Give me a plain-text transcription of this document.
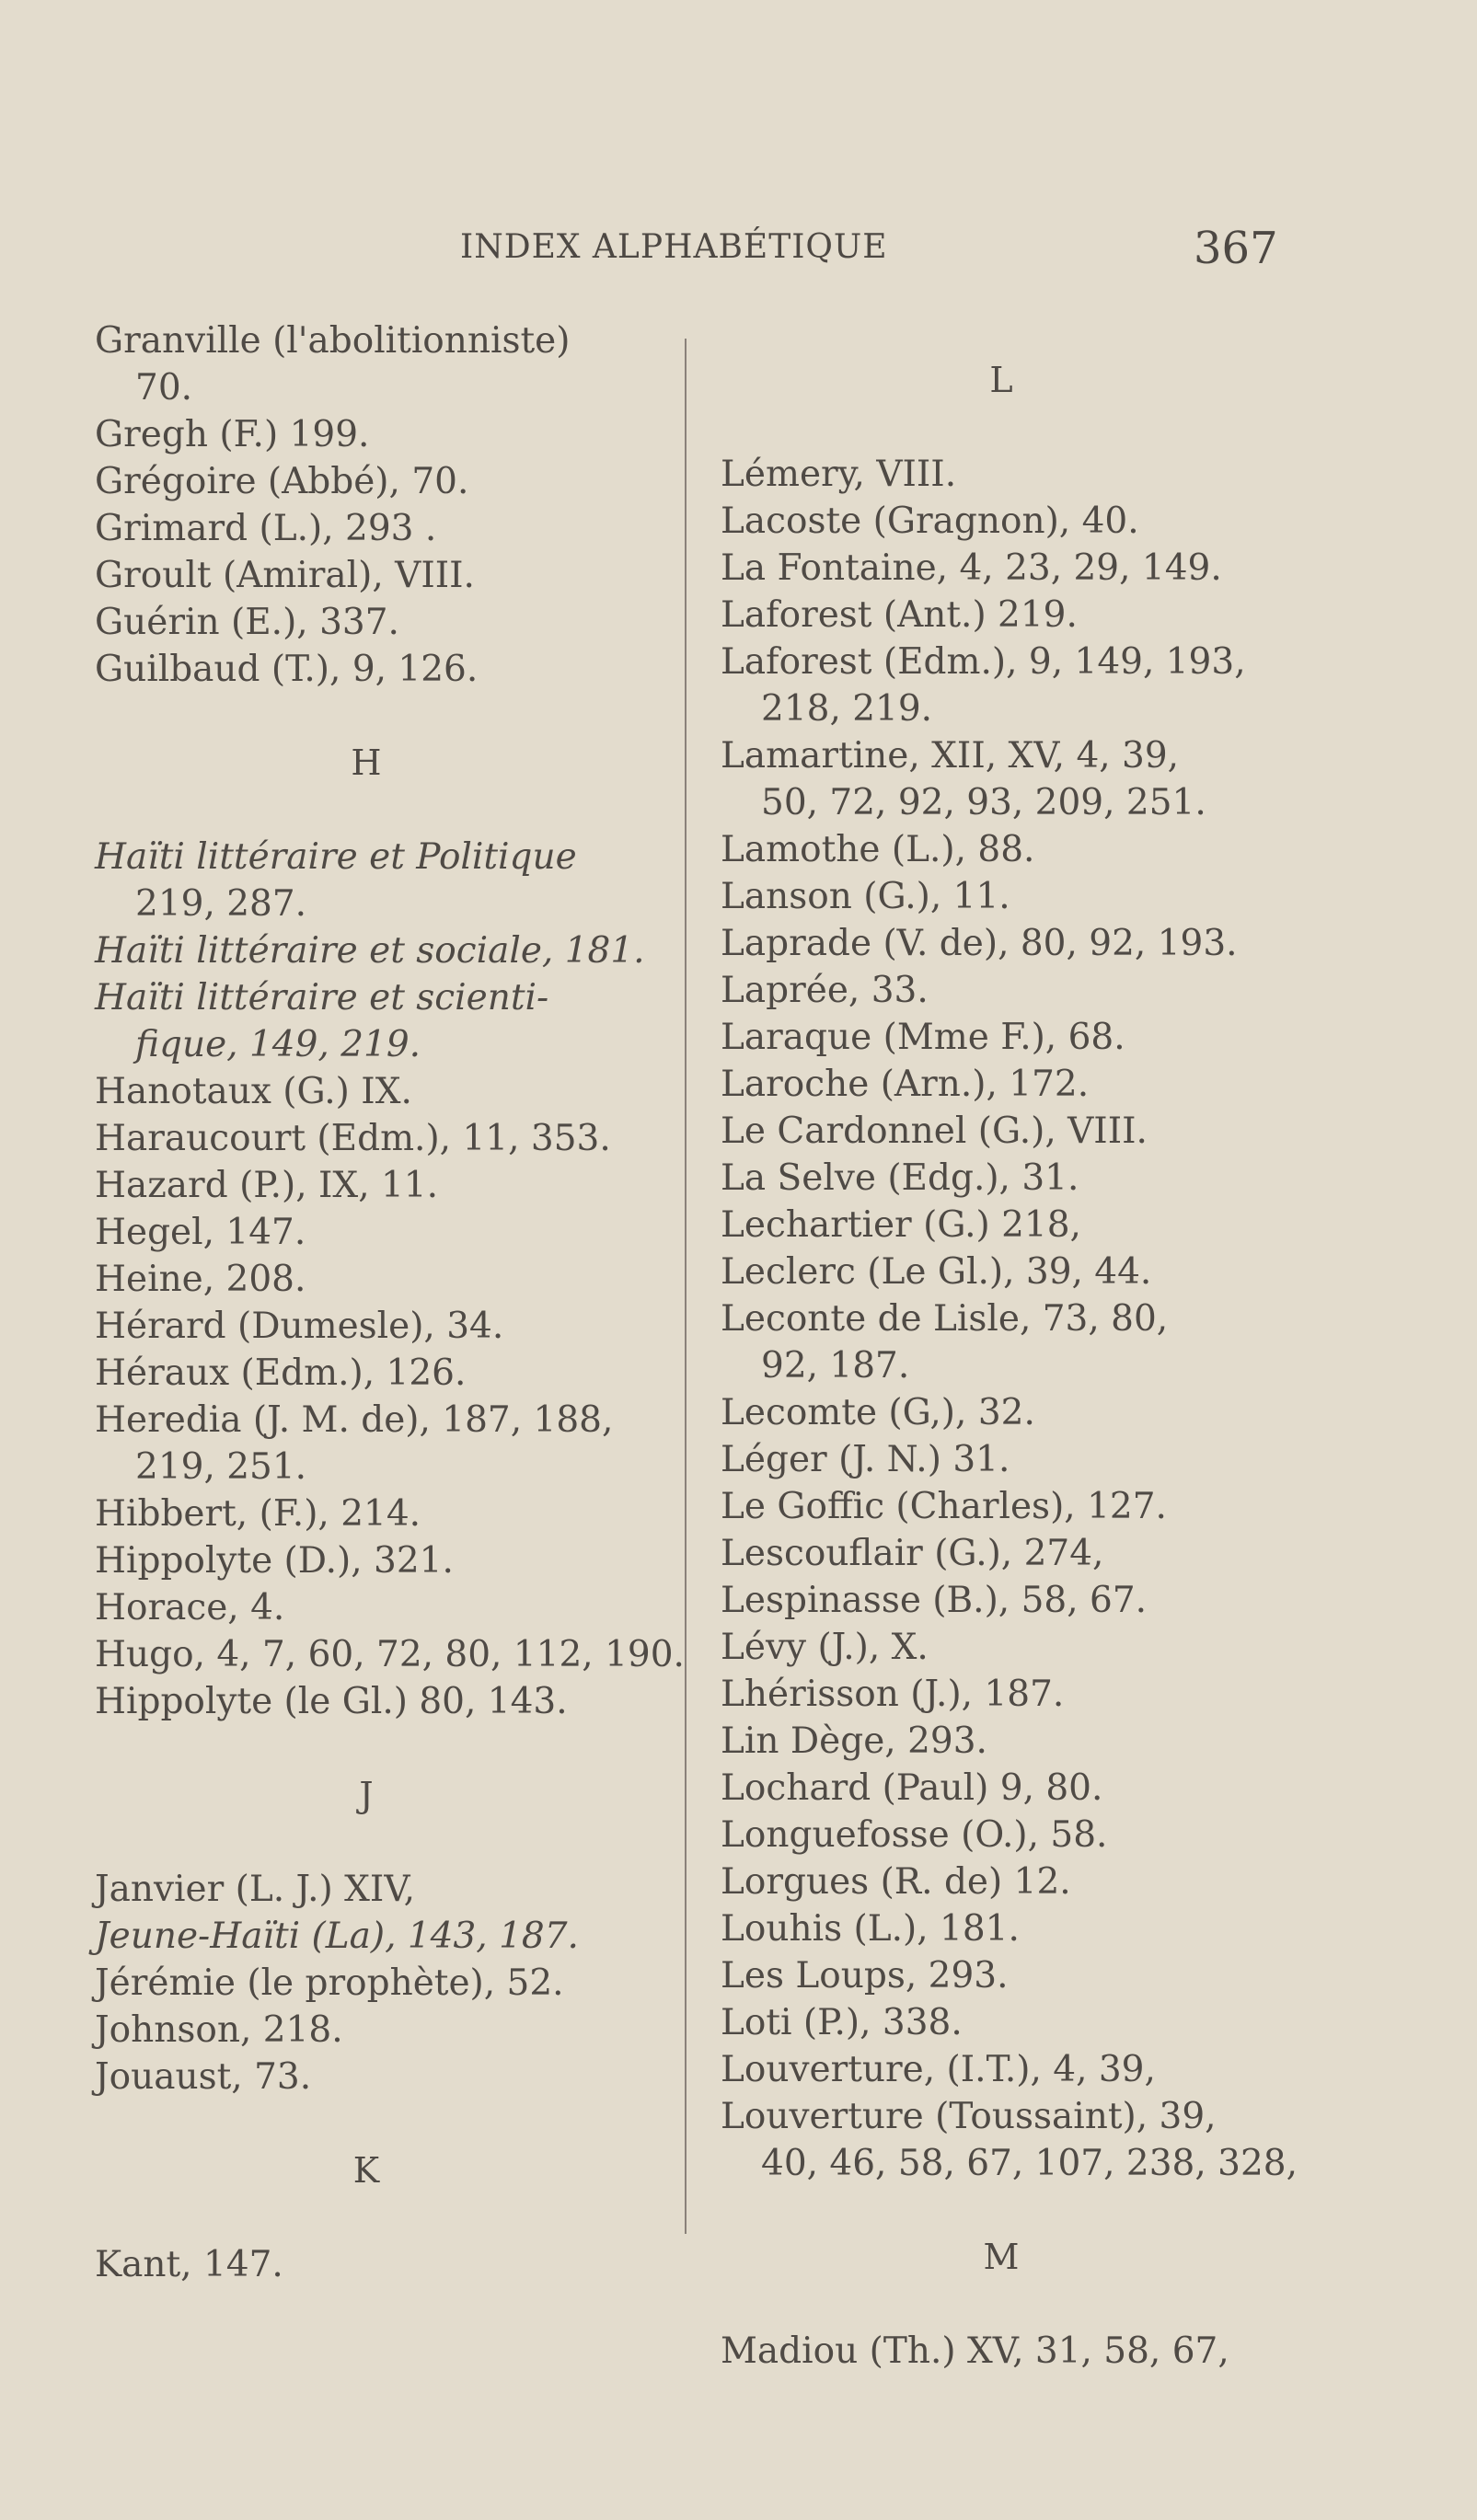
INDEX ALPHABÉTIQUE	367
Granville (l'abolitionniste)
70.
Gregh (F.) 199.
Grégoire (Abbé), 70.
Grimard (L.), 293 .
Groult (Amiral), VIII.
Guérin (E.), 337.
Guilbaud (T.), 9, 126.
H
Haïti littéraire et Politique
219, 287.
Haïti littéraire et sociale, 181.
Haïti littéraire et scienti-
fique, 149, 219.
Hanotaux (G.) IX.
Haraucourt (Edm.), 11, 353.
Hazard (P.), IX, 11.
Hegel, 147.
Heine, 208.
Hérard (Dumesle), 34.
Héraux (Edm.), 126.
Heredia (J. M. de), 187, 188,
219, 251.
Hibbert, (F.), 214.
Hippolyte (D.), 321.
Horace, 4.
Hugo, 4, 7, 60, 72, 80, 112, 190.
Hippolyte (le Gl.) 80, 143.
J
Janvier (L. J.) XIV,
Jeune-Haïti (La), 143, 187.
Jérémie (le prophète), 52.
Johnson, 218.
Jouaust, 73.
K
Kant, 147.
L
Lémery, VIII.
Lacoste (Gragnon), 40.
La Fontaine, 4, 23, 29, 149.
Laforest (Ant.) 219.
Laforest (Edm.), 9, 149, 193,
218, 219.
Lamartine, XII, XV, 4, 39,
50, 72, 92, 93, 209, 251.
Lamothe (L.), 88.
Lanson (G.), 11.
Laprade (V. de), 80, 92, 193.
Laprée, 33.
Laraque (Mme F.), 68.
Laroche (Arn.), 172.
Le Cardonnel (G.), VIII.
La Selve (Edg.), 31.
Lechartier (G.) 218,
Leclerc (Le Gl.), 39, 44.
Leconte de Lisle, 73, 80,
92, 187.
Lecomte (G,), 32.
Léger (J. N.) 31.
Le Goffic (Charles), 127.
Lescouflair (G.), 274,
Lespinasse (B.), 58, 67.
Lévy (J.), X.
Lhérisson (J.), 187.
Lin Dège, 293.
Lochard (Paul) 9, 80.
Longuefosse (O.), 58.
Lorgues (R. de) 12.
Louhis (L.), 181.
Les Loups, 293.
Loti (P.), 338.
Louverture, (I.T.), 4, 39,
Louverture (Toussaint), 39,
40, 46, 58, 67, 107, 238, 328,
M
Madiou (Th.) XV, 31, 58, 67,
